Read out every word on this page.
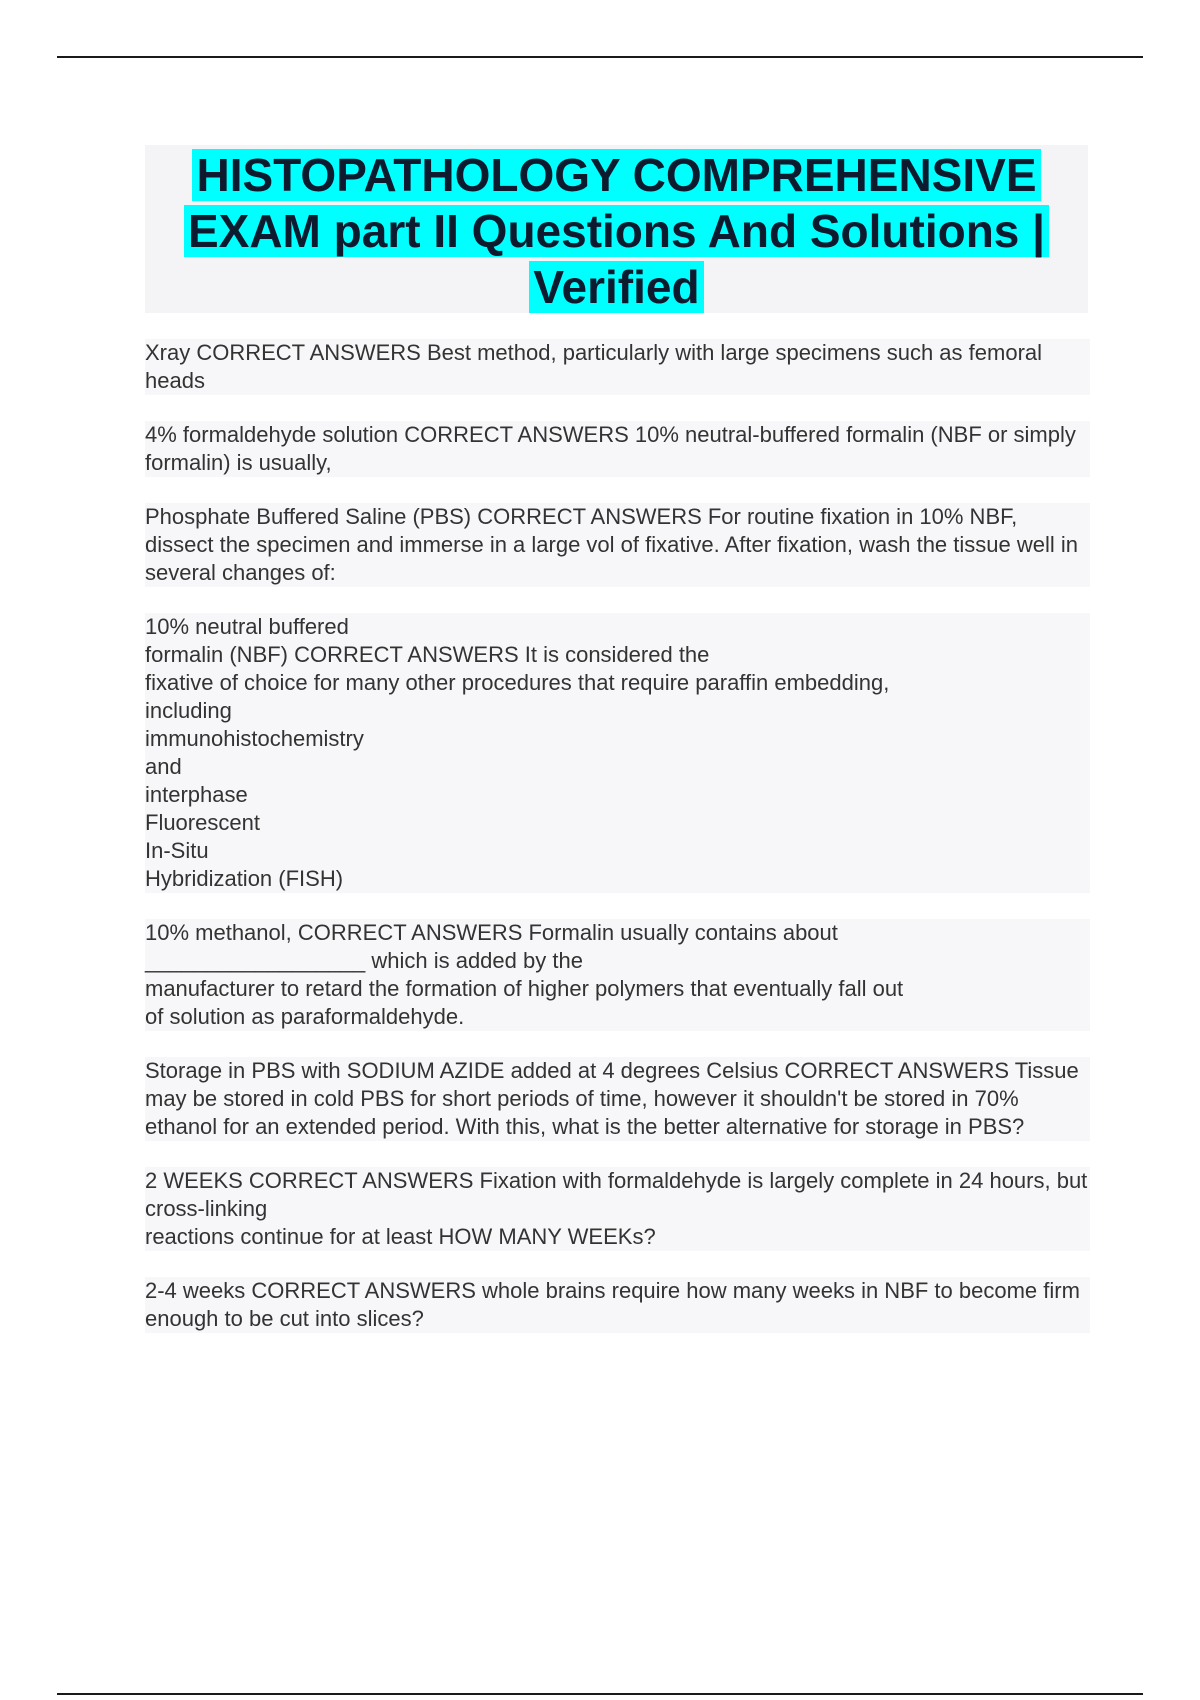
HISTOPATHOLOGY COMPREHENSIVE EXAM part II Questions And Solutions | Verified

Xray CORRECT ANSWERS Best method, particularly with large specimens such as femoral heads

4% formaldehyde solution CORRECT ANSWERS 10% neutral-buffered formalin (NBF or simply formalin) is usually,

Phosphate Buffered Saline (PBS) CORRECT ANSWERS For routine fixation in 10% NBF, dissect the specimen and immerse in a large vol of fixative. After fixation, wash the tissue well in several changes of:

10% neutral buffered
formalin (NBF) CORRECT ANSWERS It is considered the
fixative of choice for many other procedures that require paraffin embedding,
including
immunohistochemistry
and
interphase
Fluorescent
In-Situ
Hybridization (FISH)

10% methanol, CORRECT ANSWERS Formalin usually contains about
__________________ which is added by the
manufacturer to retard the formation of higher polymers that eventually fall out
of solution as paraformaldehyde.

Storage in PBS with SODIUM AZIDE added at 4 degrees Celsius CORRECT ANSWERS Tissue may be stored in cold PBS for short periods of time, however it shouldn't be stored in 70% ethanol for an extended period. With this, what is the better alternative for storage in PBS?

2 WEEKS CORRECT ANSWERS Fixation with formaldehyde is largely complete in 24 hours, but cross-linking
reactions continue for at least HOW MANY WEEKs?

2-4 weeks CORRECT ANSWERS whole brains require how many weeks in NBF to become firm enough to be cut into slices?
